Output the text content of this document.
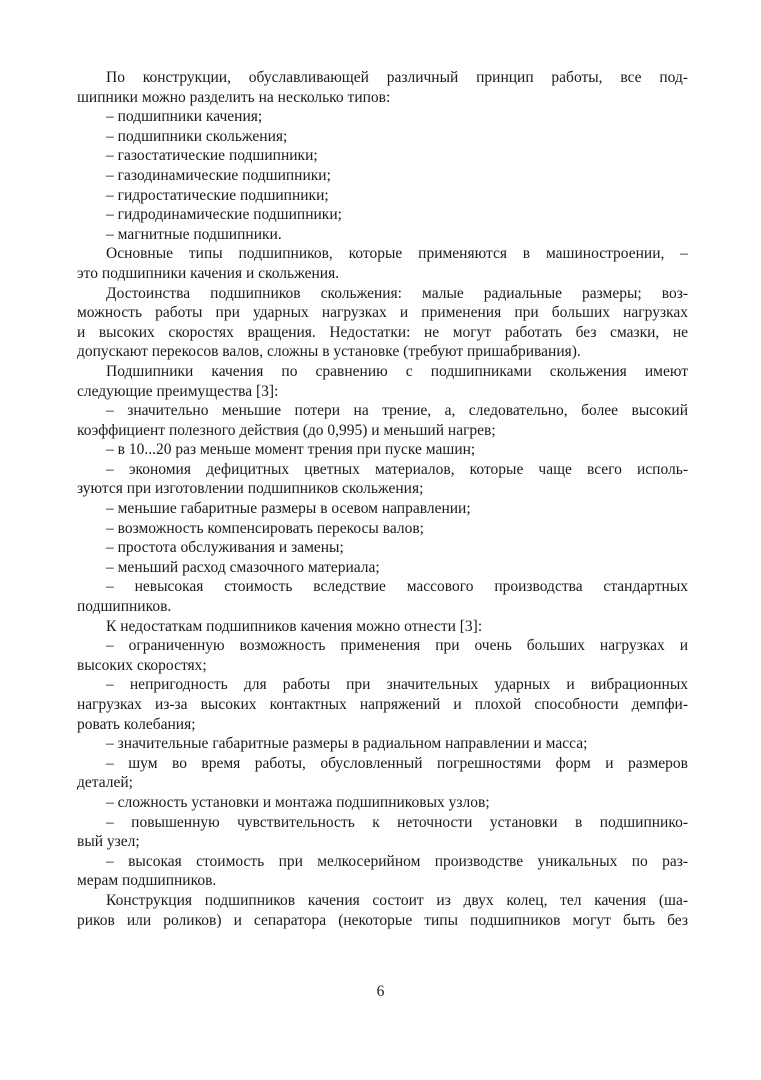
По конструкции, обуславливающей различный принцип работы, все под-
шипники можно разделить на несколько типов:
– подшипники качения;
– подшипники скольжения;
– газостатические подшипники;
– газодинамические подшипники;
– гидростатические подшипники;
– гидродинамические подшипники;
– магнитные подшипники.
Основные типы подшипников, которые применяются в машиностроении, –
это подшипники качения и скольжения.
Достоинства подшипников скольжения: малые радиальные размеры; воз-
можность работы при ударных нагрузках и применения при больших нагрузках
и высоких скоростях вращения. Недостатки: не могут работать без смазки, не
допускают перекосов валов, сложны в установке (требуют пришабривания).
Подшипники качения по сравнению с подшипниками скольжения имеют
следующие преимущества [3]:
– значительно меньшие потери на трение, а, следовательно, более высокий
коэффициент полезного действия (до 0,995) и меньший нагрев;
– в 10...20 раз меньше момент трения при пуске машин;
– экономия дефицитных цветных материалов, которые чаще всего исполь-
зуются при изготовлении подшипников скольжения;
– меньшие габаритные размеры в осевом направлении;
– возможность компенсировать перекосы валов;
– простота обслуживания и замены;
– меньший расход смазочного материала;
– невысокая стоимость вследствие массового производства стандартных
подшипников.
К недостаткам подшипников качения можно отнести [3]:
– ограниченную возможность применения при очень больших нагрузках и
высоких скоростях;
– непригодность для работы при значительных ударных и вибрационных
нагрузках из-за высоких контактных напряжений и плохой способности демпфи-
ровать колебания;
– значительные габаритные размеры в радиальном направлении и масса;
– шум во время работы, обусловленный погрешностями форм и размеров
деталей;
– сложность установки и монтажа подшипниковых узлов;
– повышенную чувствительность к неточности установки в подшипнико-
вый узел;
– высокая стоимость при мелкосерийном производстве уникальных по раз-
мерам подшипников.
Конструкция подшипников качения состоит из двух колец, тел качения (ша-
риков или роликов) и сепаратора (некоторые типы подшипников могут быть без
6
